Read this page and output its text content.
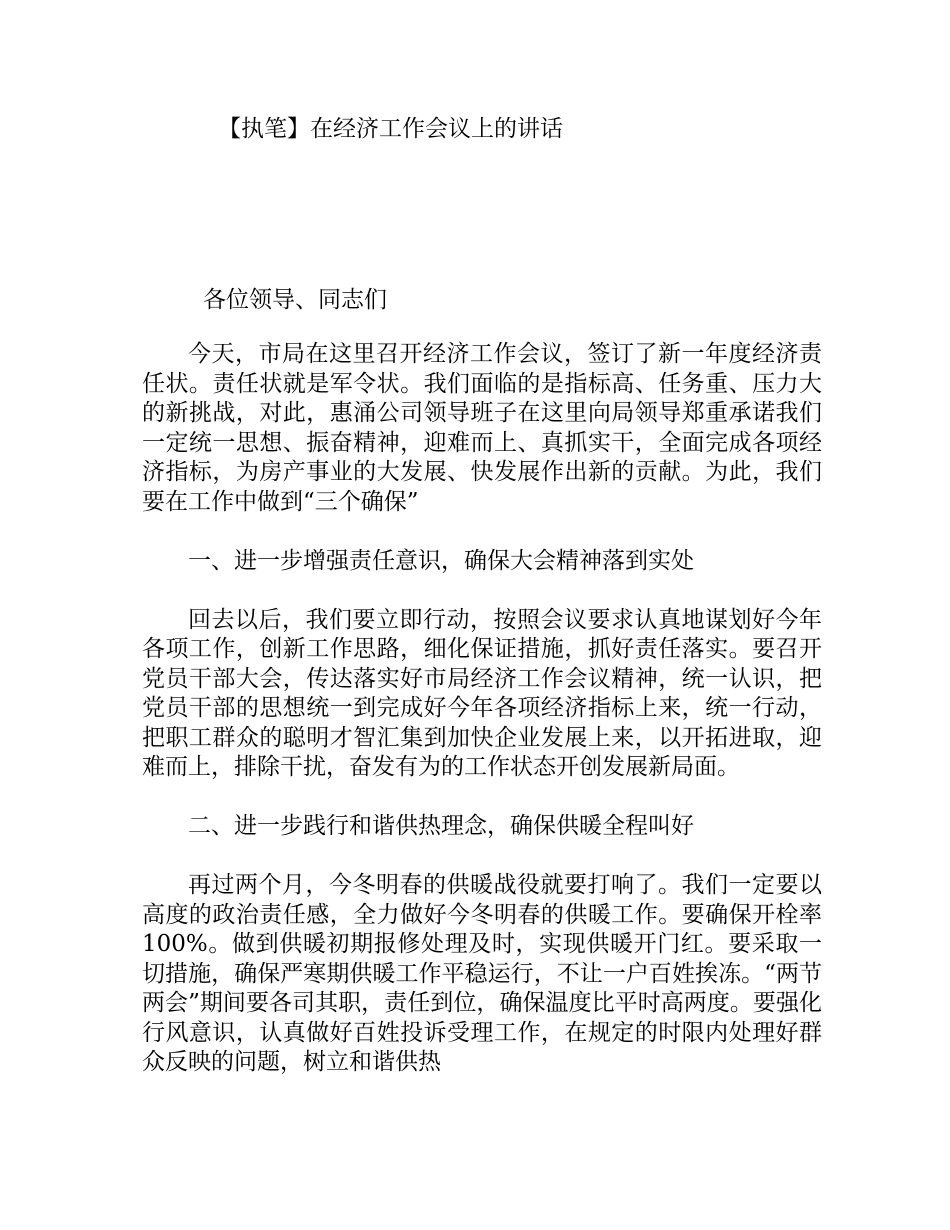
【执笔】在经济工作会议上的讲话
各位领导、同志们

今天，市局在这里召开经济工作会议，签订了新一年度经济责任状。责任状就是军令状。我们面临的是指标高、任务重、压力大的新挑战，对此，惠涌公司领导班子在这里向局领导郑重承诺我们一定统一思想、振奋精神，迎难而上、真抓实干，全面完成各项经济指标，为房产事业的大发展、快发展作出新的贡献。为此，我们要在工作中做到“三个确保”

一、进一步增强责任意识，确保大会精神落到实处

回去以后，我们要立即行动，按照会议要求认真地谋划好今年各项工作，创新工作思路，细化保证措施，抓好责任落实。要召开党员干部大会，传达落实好市局经济工作会议精神，统一认识，把党员干部的思想统一到完成好今年各项经济指标上来，统一行动，把职工群众的聪明才智汇集到加快企业发展上来，以开拓进取，迎难而上，排除干扰，奋发有为的工作状态开创发展新局面。

二、进一步践行和谐供热理念，确保供暖全程叫好

再过两个月，今冬明春的供暖战役就要打响了。我们一定要以高度的政治责任感，全力做好今冬明春的供暖工作。要确保开栓率100%。做到供暖初期报修处理及时，实现供暖开门红。要采取一切措施，确保严寒期供暖工作平稳运行，不让一户百姓挨冻。“两节两会”期间要各司其职，责任到位，确保温度比平时高两度。要强化行风意识，认真做好百姓投诉受理工作，在规定的时限内处理好群众反映的问题，树立和谐供热
